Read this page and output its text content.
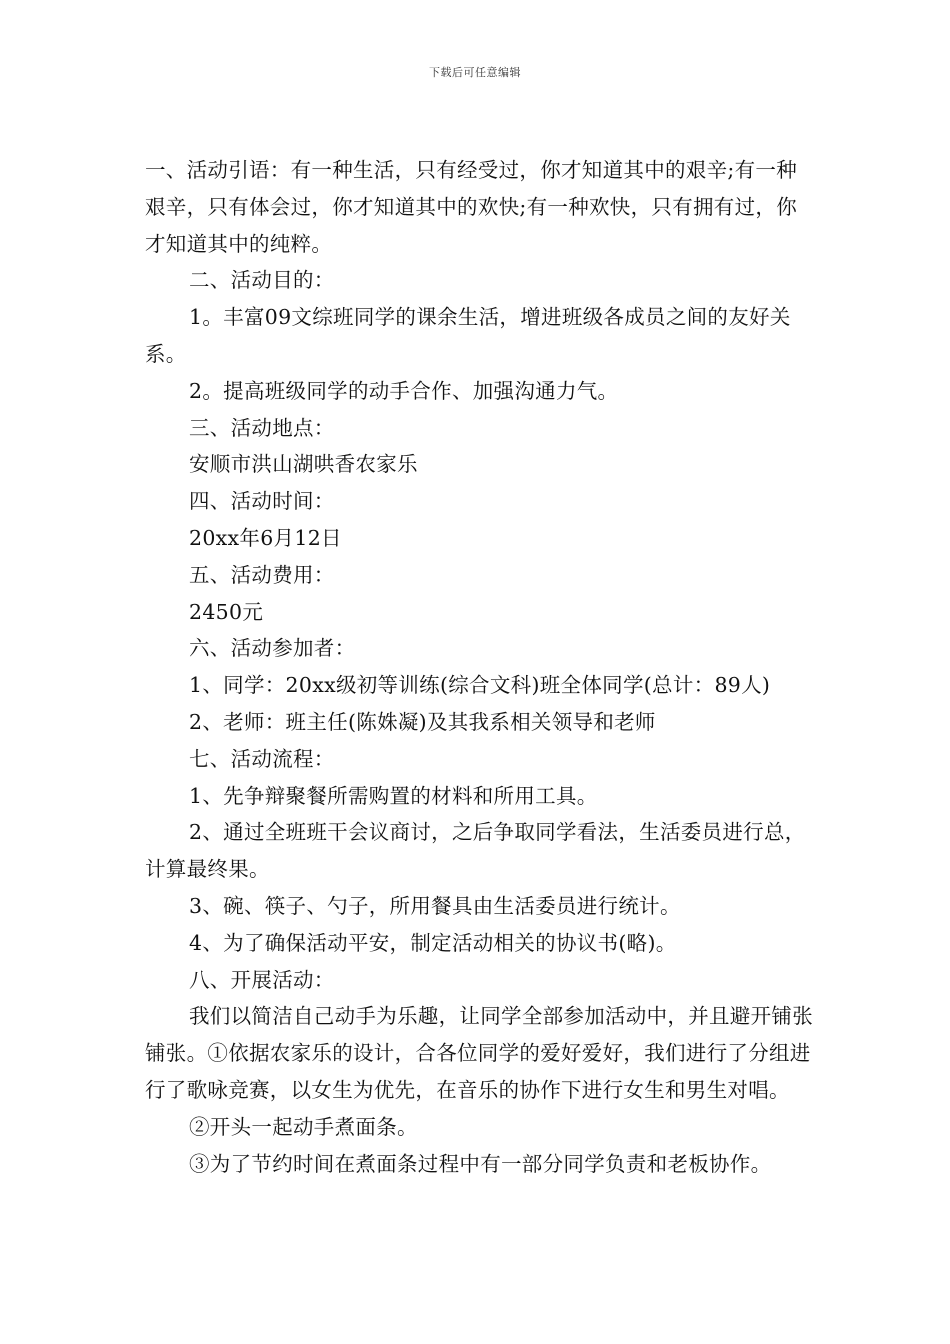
下载后可任意编辑

一、活动引语：有一种生活，只有经受过，你才知道其中的艰辛;有一种艰辛，只有体会过，你才知道其中的欢快;有一种欢快，只有拥有过，你才知道其中的纯粹。

二、活动目的：

1。丰富09文综班同学的课余生活，增进班级各成员之间的友好关系。

2。提高班级同学的动手合作、加强沟通力气。

三、活动地点：

安顺市洪山湖哄香农家乐

四、活动时间：

20xx年6月12日

五、活动费用：

2450元

六、活动参加者：

1、同学：20xx级初等训练(综合文科)班全体同学(总计：89人)

2、老师：班主任(陈姝凝)及其我系相关领导和老师

七、活动流程：

1、先争辩聚餐所需购置的材料和所用工具。

2、通过全班班干会议商讨，之后争取同学看法，生活委员进行总，计算最终果。

3、碗、筷子、勺子，所用餐具由生活委员进行统计。

4、为了确保活动平安，制定活动相关的协议书(略)。

八、开展活动：

我们以简洁自己动手为乐趣，让同学全部参加活动中，并且避开铺张铺张。①依据农家乐的设计，合各位同学的爱好爱好，我们进行了分组进行了歌咏竞赛，以女生为优先，在音乐的协作下进行女生和男生对唱。

②开头一起动手煮面条。

③为了节约时间在煮面条过程中有一部分同学负责和老板协作。
